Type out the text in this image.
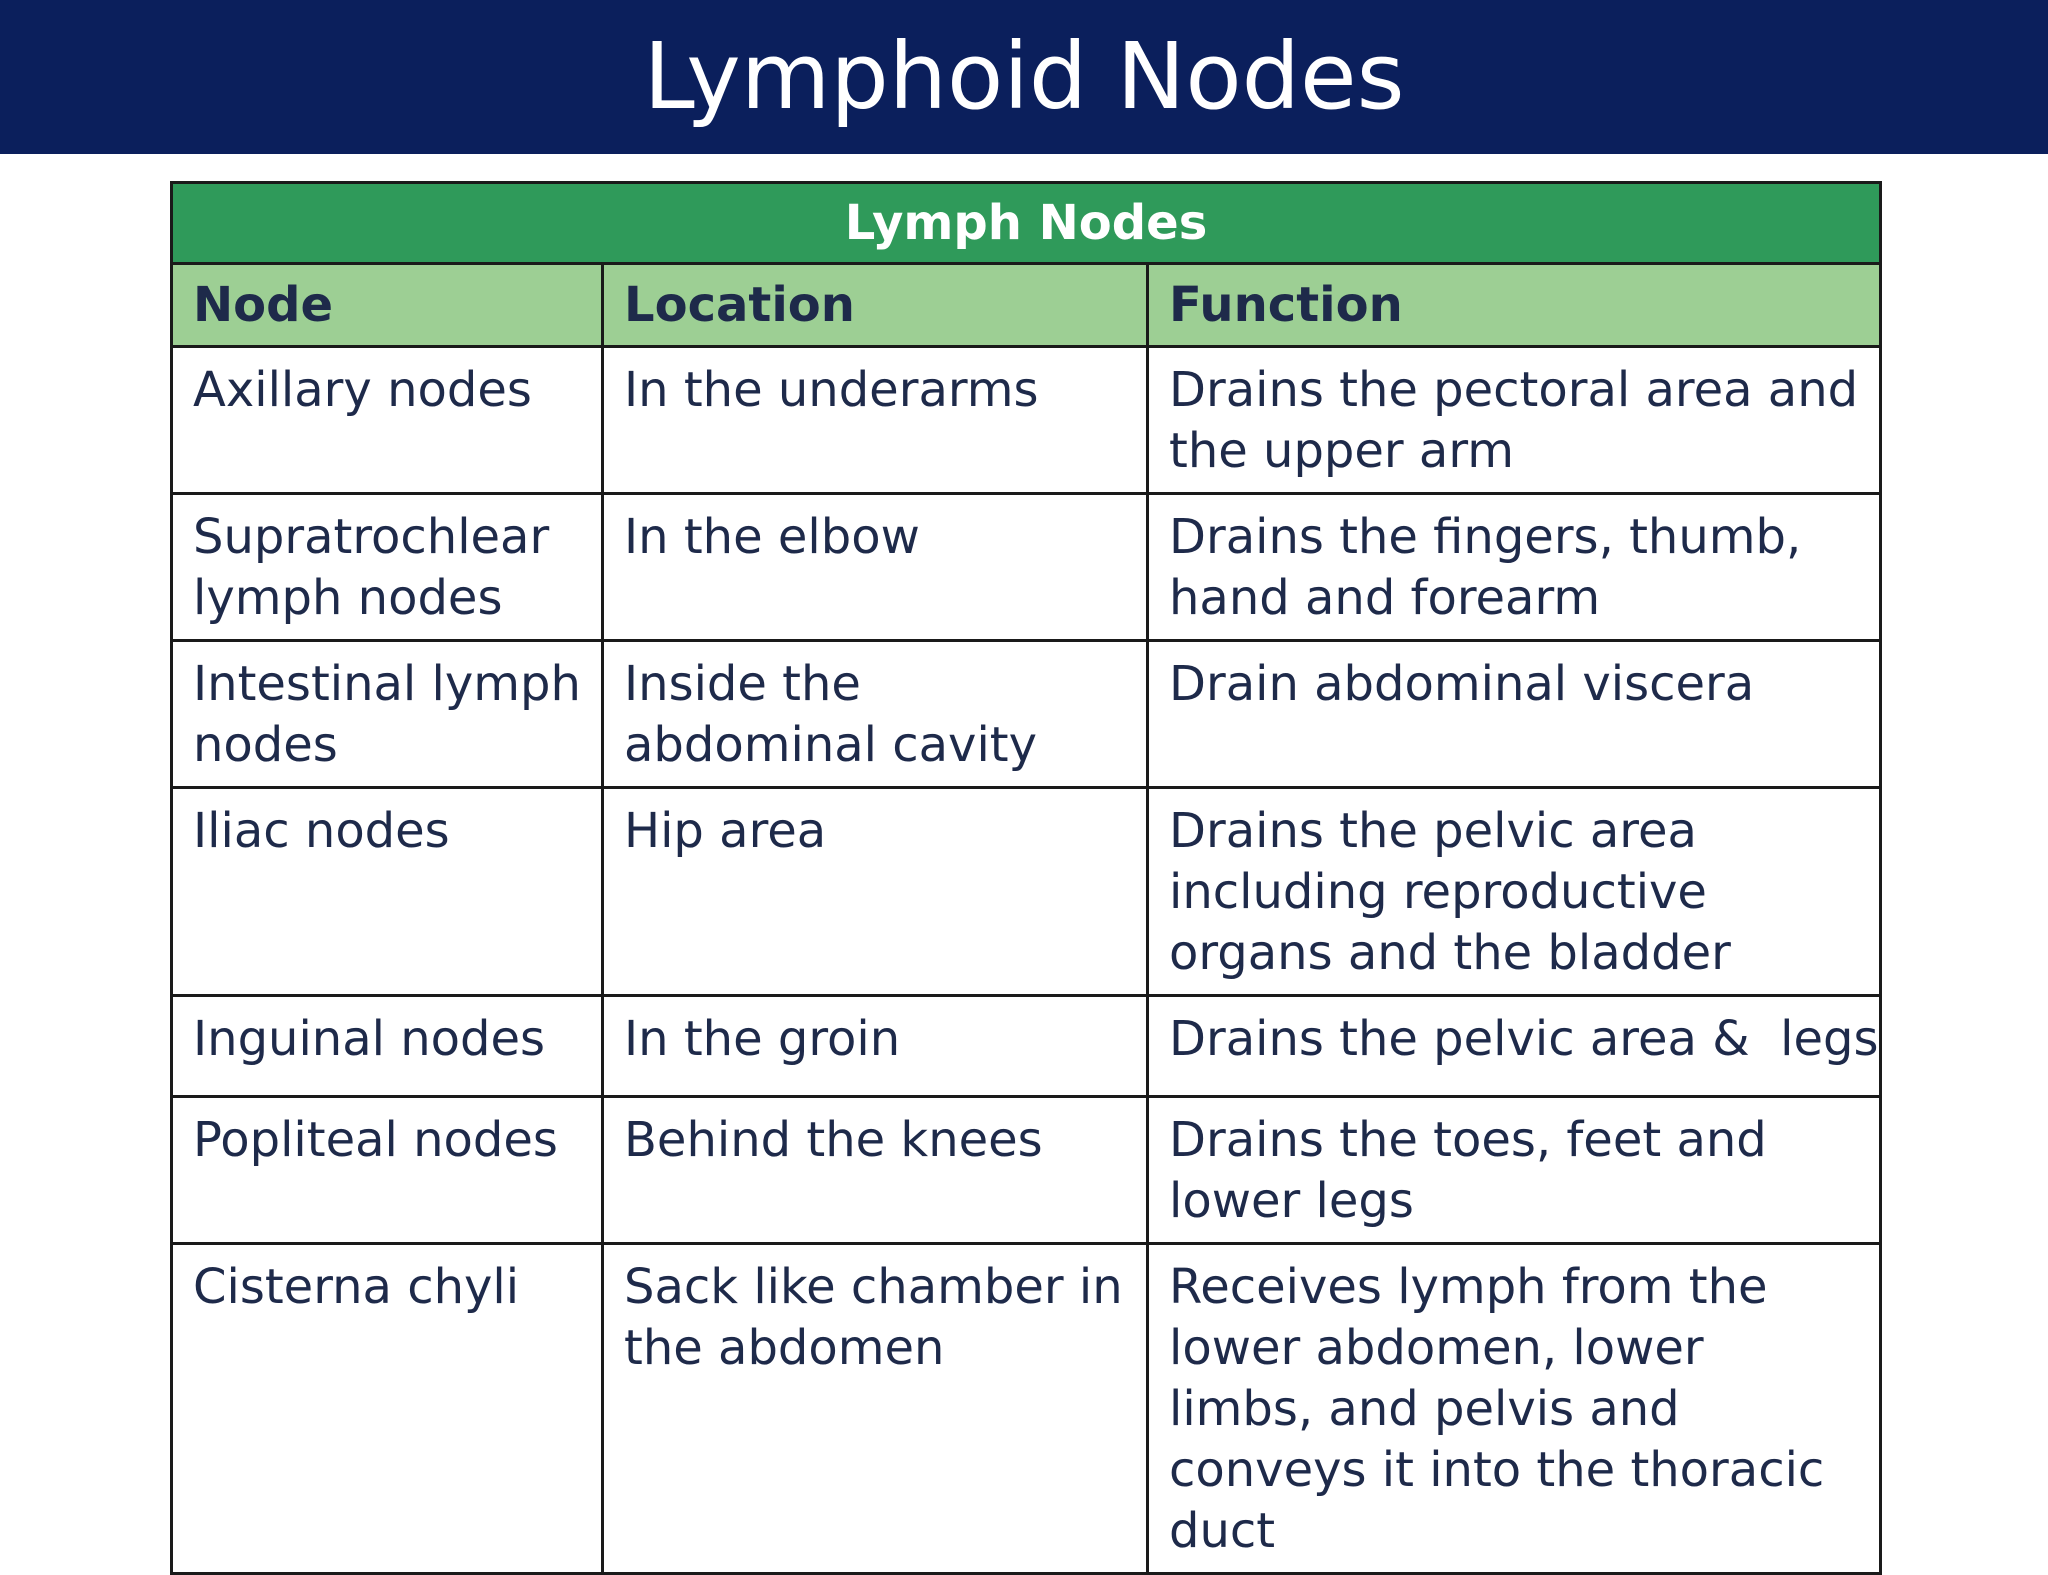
Lymphoid Nodes
Lymph Nodes		
Node	Location	Function
Axillary nodes	In the underarms	Drains the pectoral area and the upper arm
Supratrochlear lymph nodes	In the elbow	Drains the fingers, thumb, hand and forearm
Intestinal lymph nodes	Inside the abdominal cavity	Drain abdominal viscera
Iliac nodes	Hip area	Drains the pelvic area including reproductive organs and the bladder
Inguinal nodes	In the groin	Drains the pelvic area &  legs
Popliteal nodes	Behind the knees	Drains the toes, feet and lower legs
Cisterna chyli	Sack like chamber in the abdomen	Receives lymph from the lower abdomen, lower limbs, and pelvis and conveys it into the thoracic duct
